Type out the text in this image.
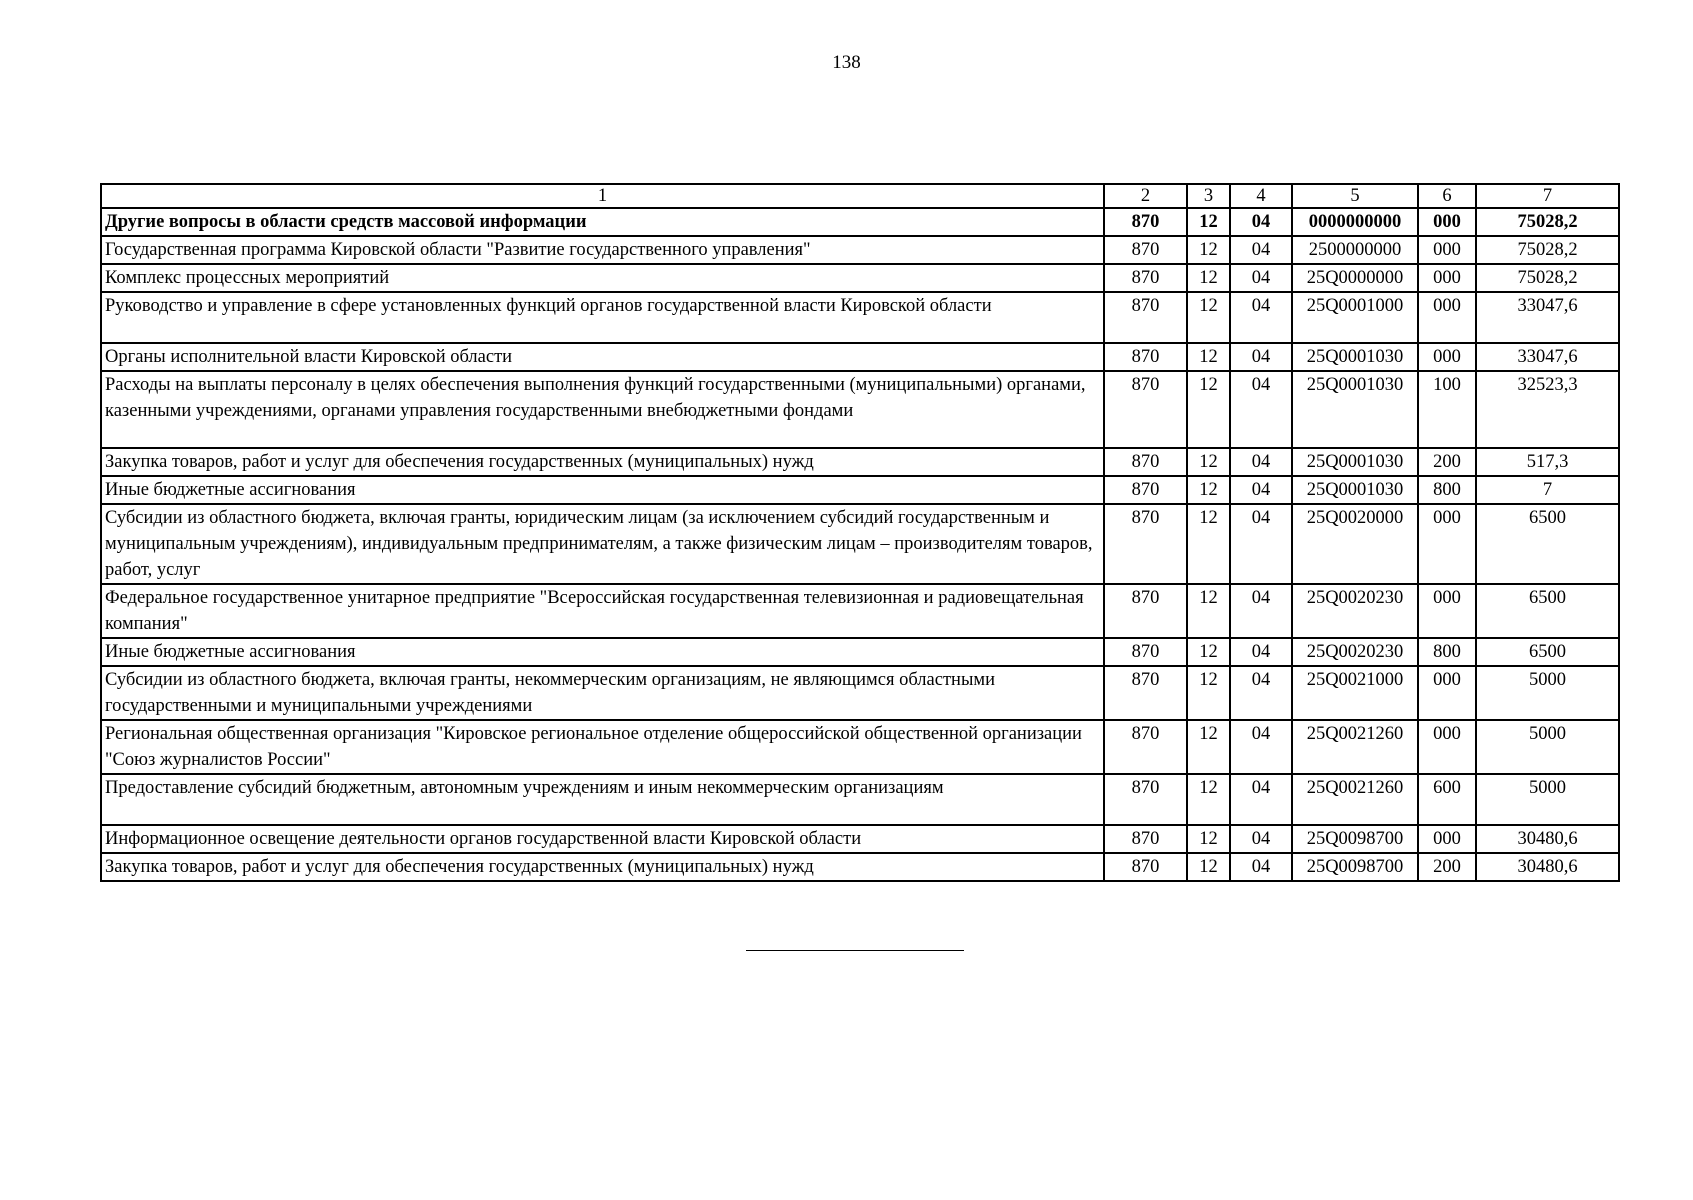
138
1	2	3	4	5	6	7
Другие вопросы в области средств массовой информации	870	12	04	0000000000	000	75028,2
Государственная программа Кировской области "Развитие государственного управления"	870	12	04	2500000000	000	75028,2
Комплекс процессных мероприятий	870	12	04	25Q0000000	000	75028,2
Руководство и управление в сфере установленных функций органов государственной власти Кировской области	870	12	04	25Q0001000	000	33047,6
Органы исполнительной власти Кировской области	870	12	04	25Q0001030	000	33047,6
Расходы на выплаты персоналу в целях обеспечения выполнения функций государственными (муниципальными) органами, казенными учреждениями, органами управления государственными внебюджетными фондами	870	12	04	25Q0001030	100	32523,3
Закупка товаров, работ и услуг для обеспечения государственных (муниципальных) нужд	870	12	04	25Q0001030	200	517,3
Иные бюджетные ассигнования	870	12	04	25Q0001030	800	7
Субсидии из областного бюджета, включая гранты, юридическим лицам (за исключением субсидий государственным и муниципальным учреждениям), индивидуальным предпринимателям, а также физическим лицам – производителям товаров, работ, услуг	870	12	04	25Q0020000	000	6500
Федеральное государственное унитарное предприятие "Всероссийская государственная телевизионная и радиовещательная компания"	870	12	04	25Q0020230	000	6500
Иные бюджетные ассигнования	870	12	04	25Q0020230	800	6500
Субсидии из областного бюджета, включая гранты, некоммерческим организациям, не являющимся областными государственными и муниципальными учреждениями	870	12	04	25Q0021000	000	5000
Региональная общественная организация "Кировское региональное отделение общероссийской общественной организации "Союз журналистов России"	870	12	04	25Q0021260	000	5000
Предоставление субсидий бюджетным, автономным учреждениям и иным некоммерческим организациям	870	12	04	25Q0021260	600	5000
Информационное освещение деятельности органов государственной власти Кировской области	870	12	04	25Q0098700	000	30480,6
Закупка товаров, работ и услуг для обеспечения государственных (муниципальных) нужд	870	12	04	25Q0098700	200	30480,6
